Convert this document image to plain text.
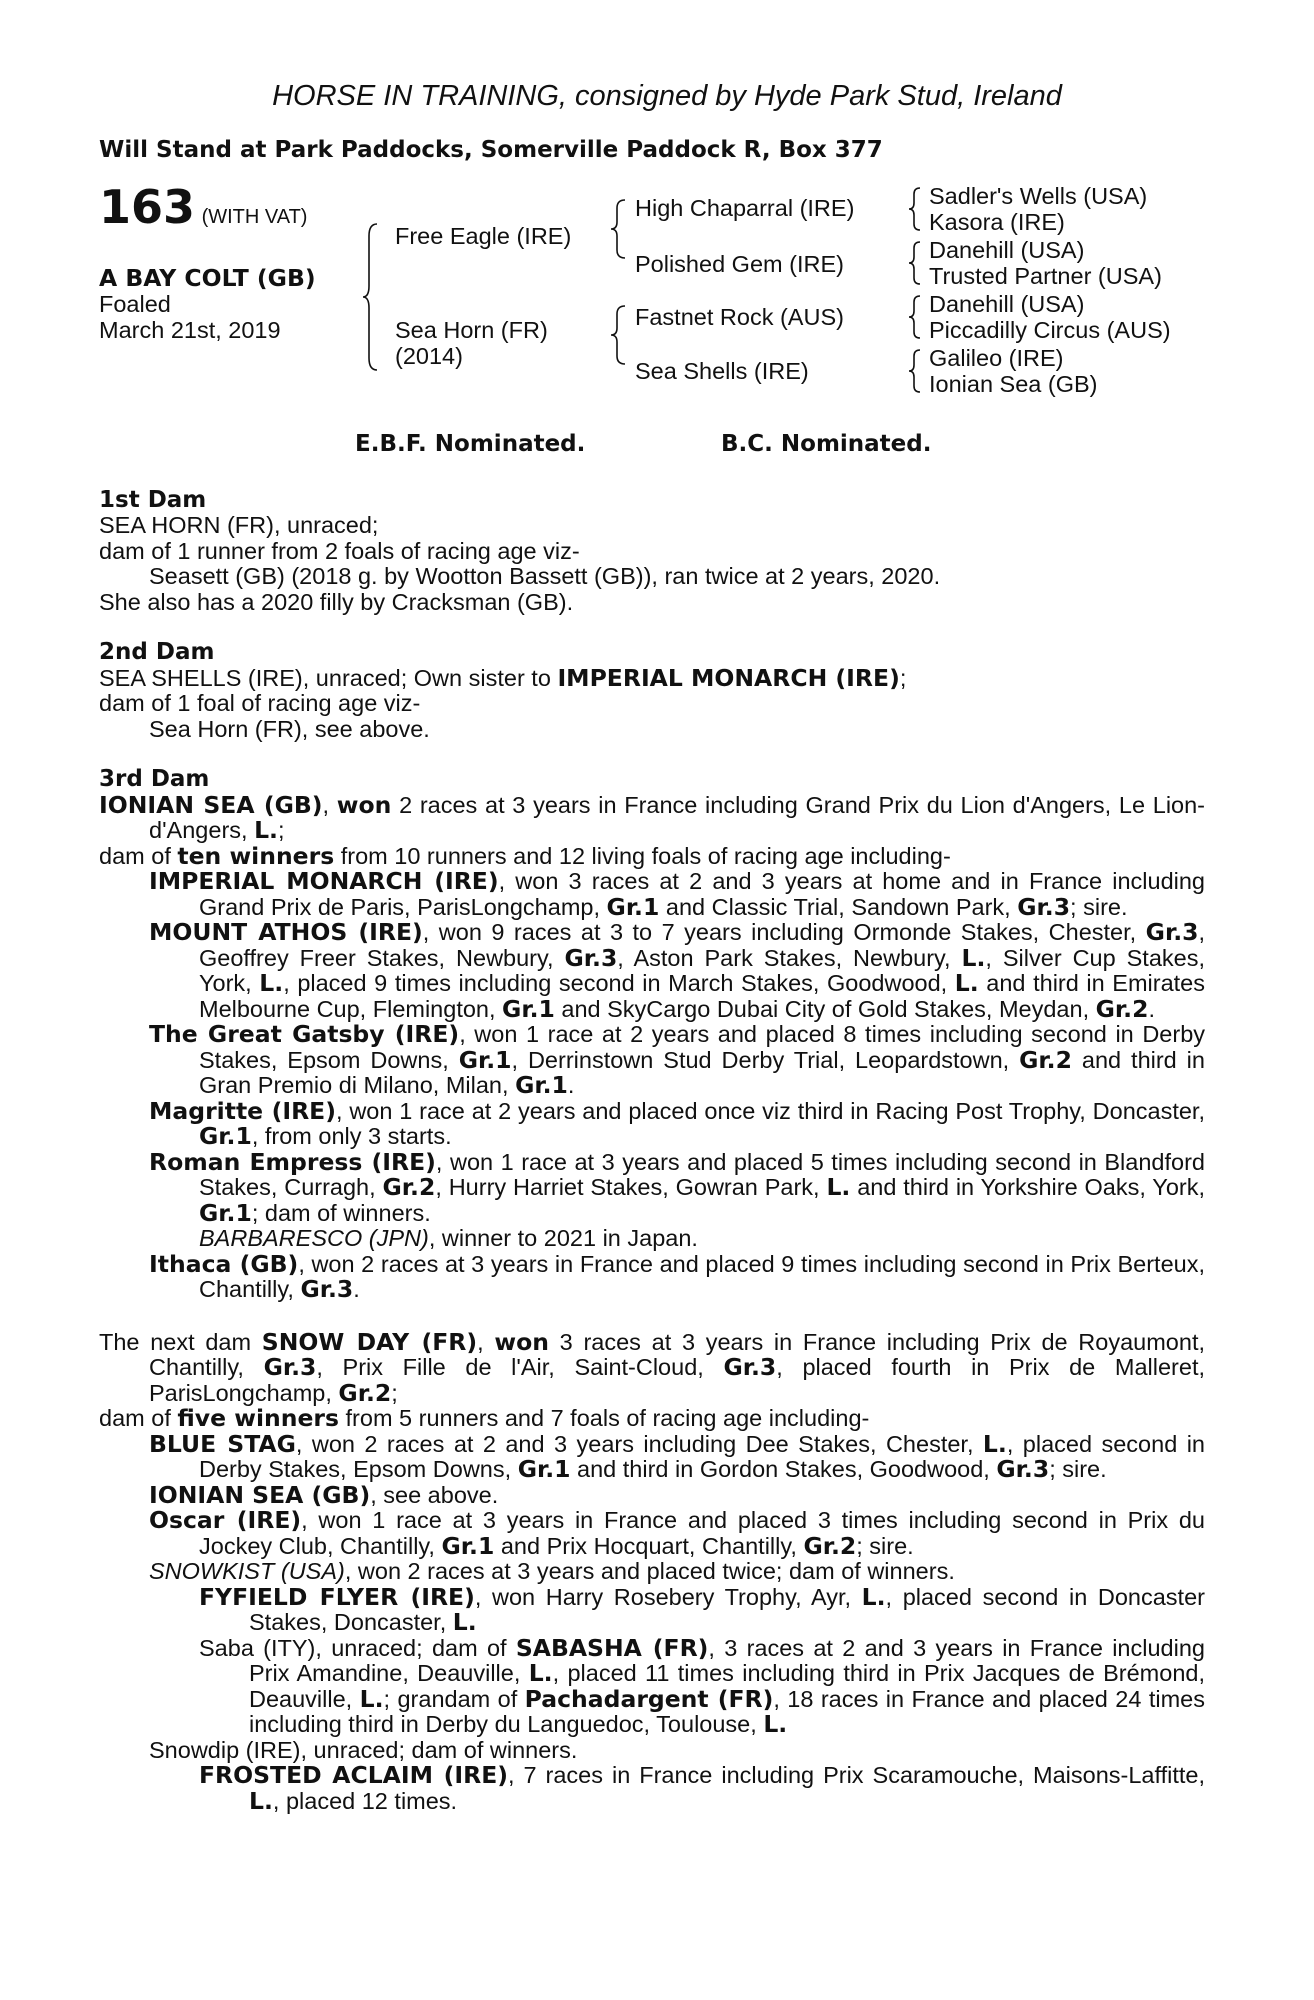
HORSE IN TRAINING, consigned by Hyde Park Stud, Ireland
Will Stand at Park Paddocks, Somerville Paddock R, Box 377
163 (WITH VAT)
A BAY COLT (GB)
Foaled
March 21st, 2019
Free Eagle (IRE)
Sea Horn (FR)
(2014)
High Chaparral (IRE)
Polished Gem (IRE)
Fastnet Rock (AUS)
Sea Shells (IRE)
Sadler's Wells (USA)
Kasora (IRE)
Danehill (USA)
Trusted Partner (USA)
Danehill (USA)
Piccadilly Circus (AUS)
Galileo (IRE)
Ionian Sea (GB)
E.B.F. Nominated.	B.C. Nominated.
1st Dam
SEA HORN (FR), unraced;
dam of 1 runner from 2 foals of racing age viz-
Seasett (GB) (2018 g. by Wootton Bassett (GB)), ran twice at 2 years, 2020.
She also has a 2020 filly by Cracksman (GB).
2nd Dam
SEA SHELLS (IRE), unraced; Own sister to IMPERIAL MONARCH (IRE);
dam of 1 foal of racing age viz-
Sea Horn (FR), see above.
3rd Dam
IONIAN SEA (GB), won 2 races at 3 years in France including Grand Prix du Lion d'Angers, Le Lion-d'Angers, L.;
dam of ten winners from 10 runners and 12 living foals of racing age including-
IMPERIAL MONARCH (IRE), won 3 races at 2 and 3 years at home and in France including Grand Prix de Paris, ParisLongchamp, Gr.1 and Classic Trial, Sandown Park, Gr.3; sire.
MOUNT ATHOS (IRE), won 9 races at 3 to 7 years including Ormonde Stakes, Chester, Gr.3, Geoffrey Freer Stakes, Newbury, Gr.3, Aston Park Stakes, Newbury, L., Silver Cup Stakes, York, L., placed 9 times including second in March Stakes, Goodwood, L. and third in Emirates Melbourne Cup, Flemington, Gr.1 and SkyCargo Dubai City of Gold Stakes, Meydan, Gr.2.
The Great Gatsby (IRE), won 1 race at 2 years and placed 8 times including second in Derby Stakes, Epsom Downs, Gr.1, Derrinstown Stud Derby Trial, Leopardstown, Gr.2 and third in Gran Premio di Milano, Milan, Gr.1.
Magritte (IRE), won 1 race at 2 years and placed once viz third in Racing Post Trophy, Doncaster, Gr.1, from only 3 starts.
Roman Empress (IRE), won 1 race at 3 years and placed 5 times including second in Blandford Stakes, Curragh, Gr.2, Hurry Harriet Stakes, Gowran Park, L. and third in Yorkshire Oaks, York, Gr.1; dam of winners.
BARBARESCO (JPN), winner to 2021 in Japan.
Ithaca (GB), won 2 races at 3 years in France and placed 9 times including second in Prix Berteux, Chantilly, Gr.3.
The next dam SNOW DAY (FR), won 3 races at 3 years in France including Prix de Royaumont, Chantilly, Gr.3, Prix Fille de l'Air, Saint-Cloud, Gr.3, placed fourth in Prix de Malleret, ParisLongchamp, Gr.2;
dam of five winners from 5 runners and 7 foals of racing age including-
BLUE STAG, won 2 races at 2 and 3 years including Dee Stakes, Chester, L., placed second in Derby Stakes, Epsom Downs, Gr.1 and third in Gordon Stakes, Goodwood, Gr.3; sire.
IONIAN SEA (GB), see above.
Oscar (IRE), won 1 race at 3 years in France and placed 3 times including second in Prix du Jockey Club, Chantilly, Gr.1 and Prix Hocquart, Chantilly, Gr.2; sire.
SNOWKIST (USA), won 2 races at 3 years and placed twice; dam of winners.
FYFIELD FLYER (IRE), won Harry Rosebery Trophy, Ayr, L., placed second in Doncaster Stakes, Doncaster, L.
Saba (ITY), unraced; dam of SABASHA (FR), 3 races at 2 and 3 years in France including Prix Amandine, Deauville, L., placed 11 times including third in Prix Jacques de Brémond, Deauville, L.; grandam of Pachadargent (FR), 18 races in France and placed 24 times including third in Derby du Languedoc, Toulouse, L.
Snowdip (IRE), unraced; dam of winners.
FROSTED ACLAIM (IRE), 7 races in France including Prix Scaramouche, Maisons-Laffitte, L., placed 12 times.
